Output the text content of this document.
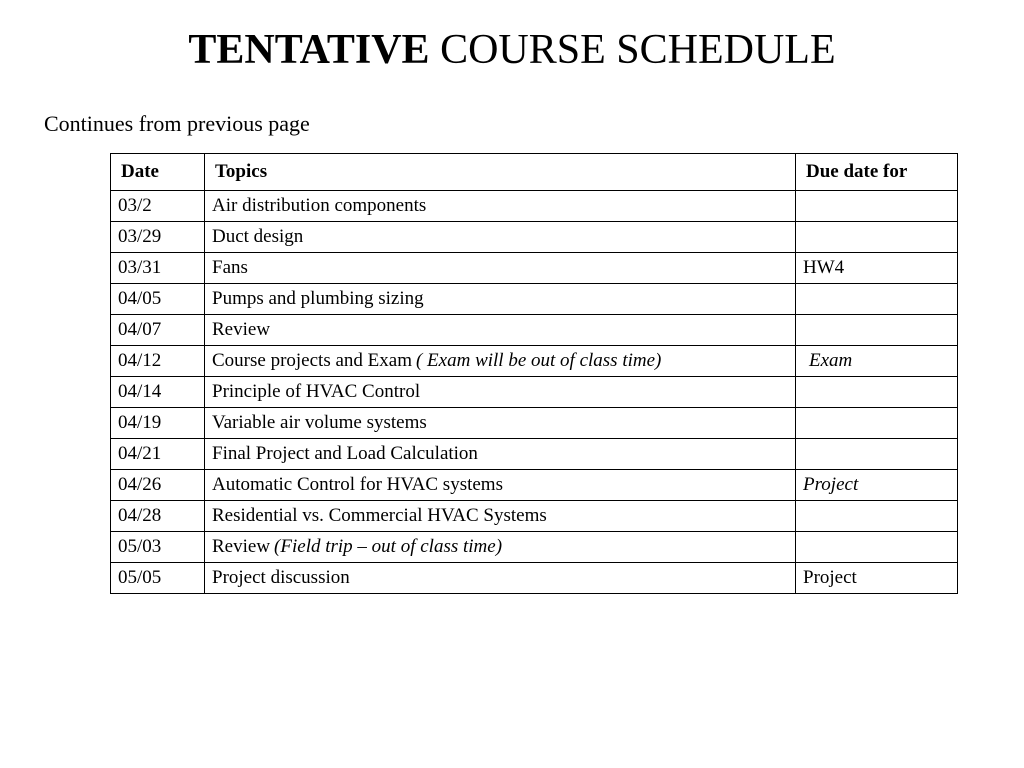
TENTATIVE COURSE SCHEDULE
Continues from previous page
Date	Topics	Due date for
03/2	Air distribution components	
03/29	Duct design	
03/31	Fans	HW4
04/05	Pumps and plumbing sizing	
04/07	Review	
04/12	Course projects and Exam ( Exam will be out of class time)	Exam
04/14	Principle of HVAC Control	
04/19	Variable air volume systems	
04/21	Final Project and Load Calculation	
04/26	Automatic Control for HVAC systems	Project
04/28	Residential vs. Commercial HVAC Systems	
05/03	Review (Field trip – out of class time)	
05/05	Project discussion	Project
